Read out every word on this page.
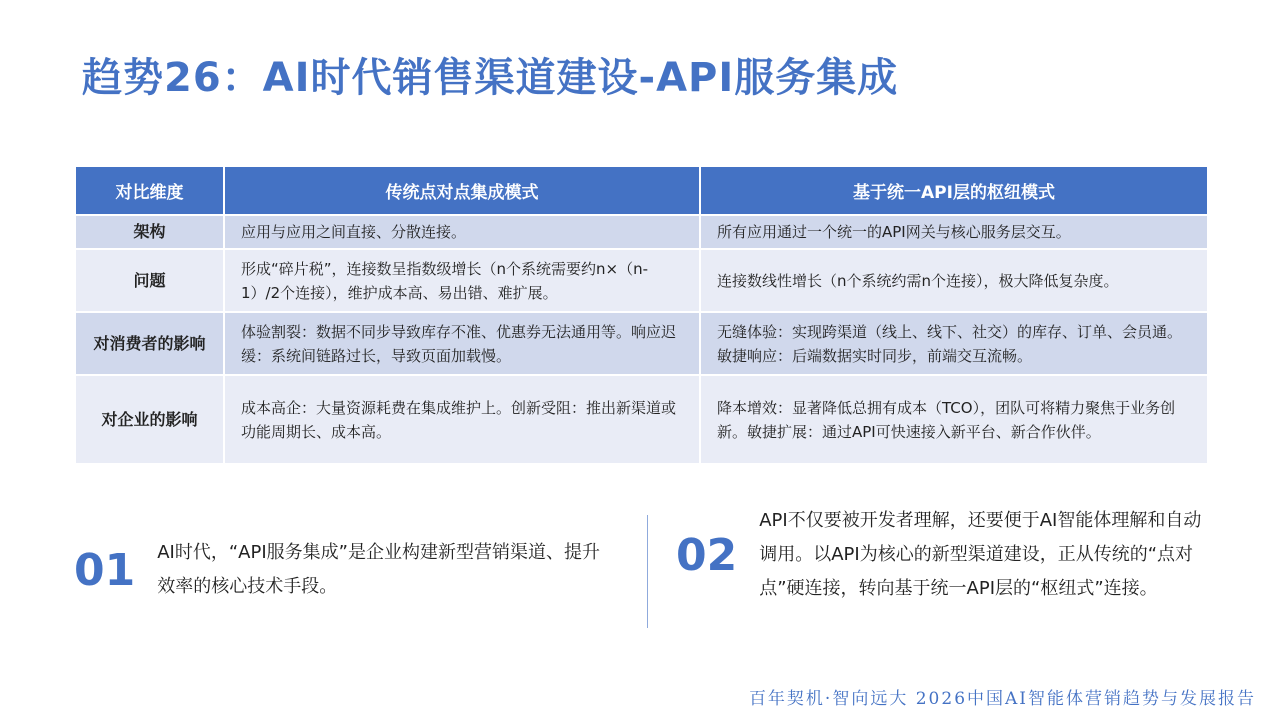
趋势26：AI时代销售渠道建设-API服务集成
对比维度	传统点对点集成模式	基于统一API层的枢纽模式
架构	应用与应用之间直接、分散连接。	所有应用通过一个统一的API网关与核心服务层交互。
问题	形成“碎片税”，连接数呈指数级增长（n个系统需要约n×（n-1）/2个连接），维护成本高、易出错、难扩展。	连接数线性增长（n个系统约需n个连接），极大降低复杂度。
对消费者的影响	体验割裂：数据不同步导致库存不准、优惠券无法通用等。响应迟缓：系统间链路过长，导致页面加载慢。	无缝体验：实现跨渠道（线上、线下、社交）的库存、订单、会员通。敏捷响应：后端数据实时同步，前端交互流畅。
对企业的影响	成本高企：大量资源耗费在集成维护上。创新受阻：推出新渠道或功能周期长、成本高。	降本增效：显著降低总拥有成本（TCO），团队可将精力聚焦于业务创新。敏捷扩展：通过API可快速接入新平台、新合作伙伴。
01 AI时代，“API服务集成”是企业构建新型营销渠道、提升效率的核心技术手段。
02
API不仅要被开发者理解，还要便于AI智能体理解和自动调用。以API为核心的新型渠道建设，正从传统的“点对点”硬连接，转向基于统一API层的“枢纽式”连接。
百年契机·智向远大 2026中国AI智能体营销趋势与发展报告
